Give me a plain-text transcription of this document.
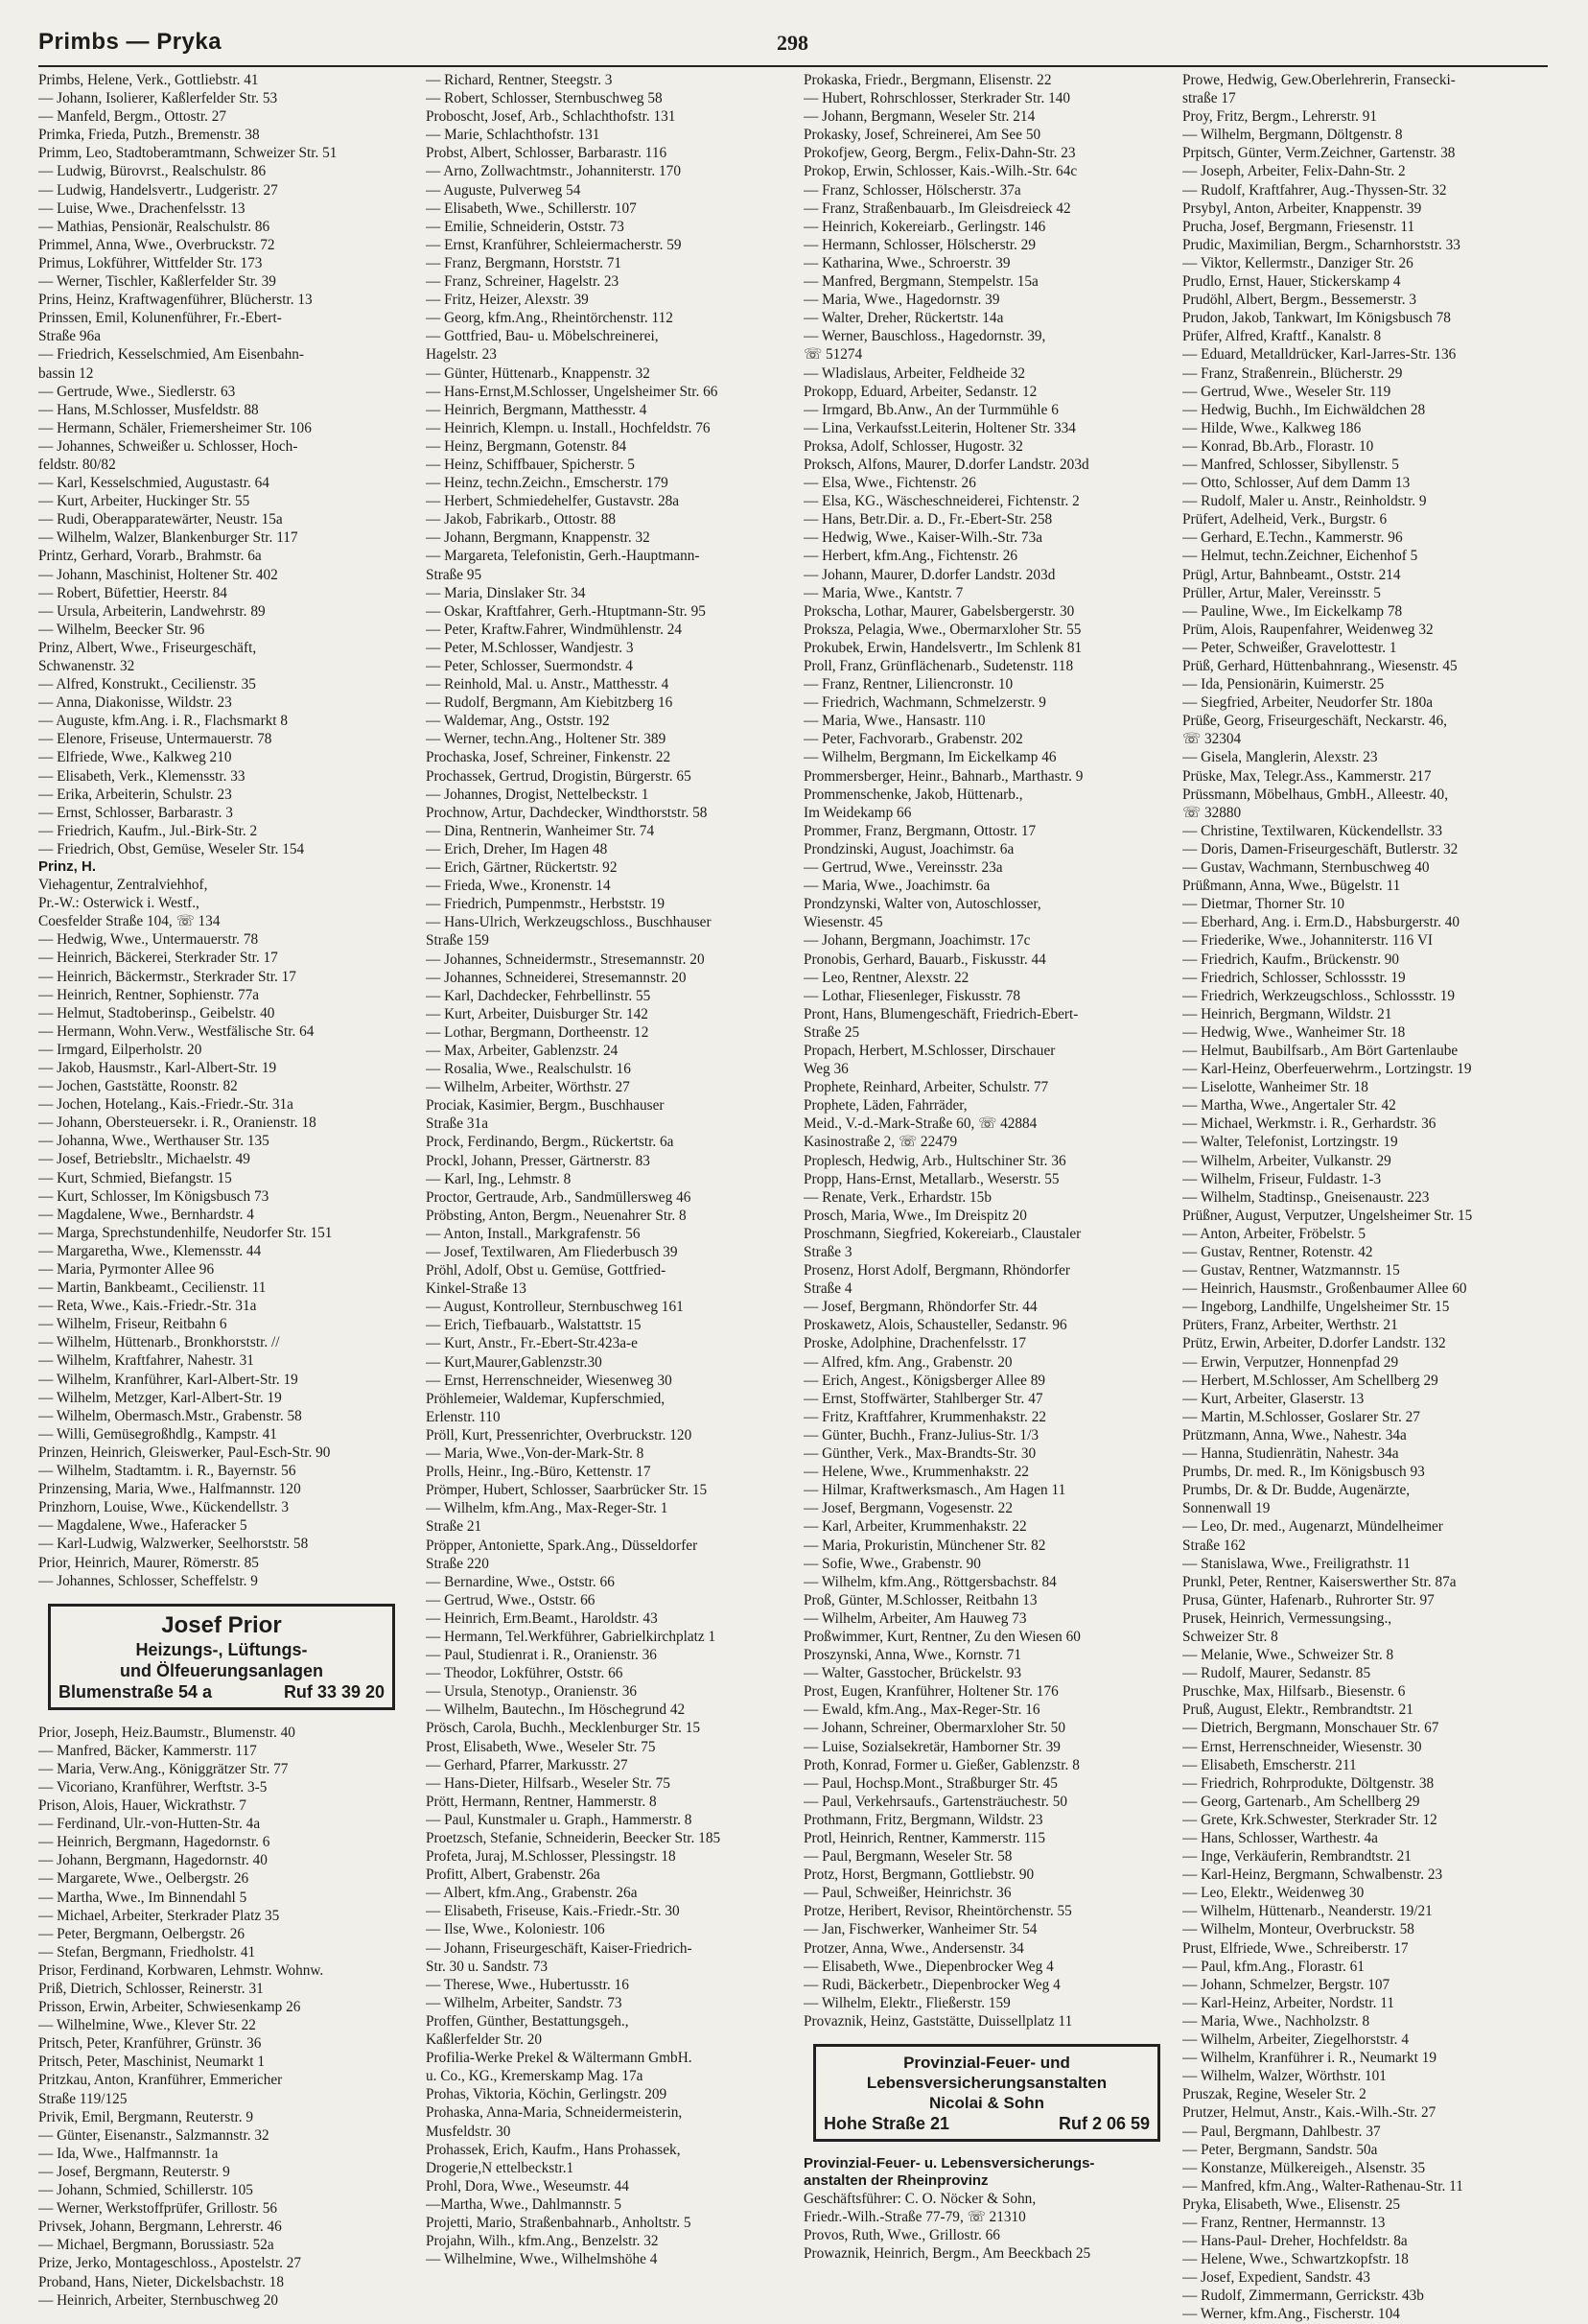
Primbs — Pryka	298
Primbs, Helene, Verk., Gottliebstr. 41
— Johann, Isolierer, Kaßlerfelder Str. 53
— Manfeld, Bergm., Ottostr. 27
Primka, Frieda, Putzh., Bremenstr. 38
Primm, Leo, Stadtoberamtmann, Schweizer Str. 51
— Ludwig, Bürovrst., Realschulstr. 86
— Ludwig, Handelsvertr., Ludgeristr. 27
— Luise, Wwe., Drachenfelsstr. 13
— Mathias, Pensionär, Realschulstr. 86
Primmel, Anna, Wwe., Overbruckstr. 72
Primus, Lokführer, Wittfelder Str. 173
— Werner, Tischler, Kaßlerfelder Str. 39
Prins, Heinz, Kraftwagenführer, Blücherstr. 13
Prinssen, Emil, Kolunenführer, Fr.-Ebert-
Straße 96a
— Friedrich, Kesselschmied, Am Eisenbahn-
bassin 12
— Gertrude, Wwe., Siedlerstr. 63
— Hans, M.Schlosser, Musfeldstr. 88
— Hermann, Schäler, Friemersheimer Str. 106
— Johannes, Schweißer u. Schlosser, Hoch-
feldstr. 80/82
— Karl, Kesselschmied, Augustastr. 64
— Kurt, Arbeiter, Huckinger Str. 55
— Rudi, Oberapparatewärter, Neustr. 15a
— Wilhelm, Walzer, Blankenburger Str. 117
Printz, Gerhard, Vorarb., Brahmstr. 6a
— Johann, Maschinist, Holtener Str. 402
— Robert, Büfettier, Heerstr. 84
— Ursula, Arbeiterin, Landwehrstr. 89
— Wilhelm, Beecker Str. 96
Prinz, Albert, Wwe., Friseurgeschäft,
Schwanenstr. 32
— Alfred, Konstrukt., Cecilienstr. 35
— Anna, Diakonisse, Wildstr. 23
— Auguste, kfm.Ang. i. R., Flachsmarkt 8
— Elenore, Friseuse, Untermauerstr. 78
— Elfriede, Wwe., Kalkweg 210
— Elisabeth, Verk., Klemensstr. 33
— Erika, Arbeiterin, Schulstr. 23
— Ernst, Schlosser, Barbarastr. 3
— Friedrich, Kaufm., Jul.-Birk-Str. 2
— Friedrich, Obst, Gemüse, Weseler Str. 154
Prinz, H.
Viehagentur, Zentralviehhof,
Pr.-W.: Osterwick i. Westf.,
Coesfelder Straße 104, ☏ 134
— Hedwig, Wwe., Untermauerstr. 78
— Heinrich, Bäckerei, Sterkrader Str. 17
— Heinrich, Bäckermstr., Sterkrader Str. 17
— Heinrich, Rentner, Sophienstr. 77a
— Helmut, Stadtoberinsp., Geibelstr. 40
— Hermann, Wohn.Verw., Westfälische Str. 64
— Irmgard, Eilperholstr. 20
— Jakob, Hausmstr., Karl-Albert-Str. 19
— Jochen, Gaststätte, Roonstr. 82
— Jochen, Hotelang., Kais.-Friedr.-Str. 31a
— Johann, Obersteuersekr. i. R., Oranienstr. 18
— Johanna, Wwe., Werthauser Str. 135
— Josef, Betriebsltr., Michaelstr. 49
— Kurt, Schmied, Biefangstr. 15
— Kurt, Schlosser, Im Königsbusch 73
— Magdalene, Wwe., Bernhardstr. 4
— Marga, Sprechstundenhilfe, Neudorfer Str. 151
— Margaretha, Wwe., Klemensstr. 44
— Maria, Pyrmonter Allee 96
— Martin, Bankbeamt., Cecilienstr. 11
— Reta, Wwe., Kais.-Friedr.-Str. 31a
— Wilhelm, Friseur, Reitbahn 6
— Wilhelm, Hüttenarb., Bronkhorststr. //
— Wilhelm, Kraftfahrer, Nahestr. 31
— Wilhelm, Kranführer, Karl-Albert-Str. 19
— Wilhelm, Metzger, Karl-Albert-Str. 19
— Wilhelm, Obermasch.Mstr., Grabenstr. 58
— Willi, Gemüsegroßhdlg., Kampstr. 41
Prinzen, Heinrich, Gleiswerker, Paul-Esch-Str. 90
— Wilhelm, Stadtamtm. i. R., Bayernstr. 56
Prinzensing, Maria, Wwe., Halfmannstr. 120
Prinzhorn, Louise, Wwe., Kückendellstr. 3
— Magdalene, Wwe., Haferacker 5
— Karl-Ludwig, Walzwerker, Seelhorststr. 58
Prior, Heinrich, Maurer, Römerstr. 85
— Johannes, Schlosser, Scheffelstr. 9
Josef Prior
Heizungs-, Lüftungs-
und Ölfeuerungsanlagen
Blumenstraße 54 a	Ruf 33 39 20
Prior, Joseph, Heiz.Baumstr., Blumenstr. 40
— Manfred, Bäcker, Kammerstr. 117
— Maria, Verw.Ang., Königgrätzer Str. 77
— Vicoriano, Kranführer, Werftstr. 3-5
Prison, Alois, Hauer, Wickrathstr. 7
— Ferdinand, Ulr.-von-Hutten-Str. 4a
— Heinrich, Bergmann, Hagedornstr. 6
— Johann, Bergmann, Hagedornstr. 40
— Margarete, Wwe., Oelbergstr. 26
— Martha, Wwe., Im Binnendahl 5
— Michael, Arbeiter, Sterkrader Platz 35
— Peter, Bergmann, Oelbergstr. 26
— Stefan, Bergmann, Friedholstr. 41
Prisor, Ferdinand, Korbwaren, Lehmstr. Wohnw.
Priß, Dietrich, Schlosser, Reinerstr. 31
Prisson, Erwin, Arbeiter, Schwiesenkamp 26
— Wilhelmine, Wwe., Klever Str. 22
Pritsch, Peter, Kranführer, Grünstr. 36
Pritsch, Peter, Maschinist, Neumarkt 1
Pritzkau, Anton, Kranführer, Emmericher
Straße 119/125
Privik, Emil, Bergmann, Reuterstr. 9
— Günter, Eisenanstr., Salzmannstr. 32
— Ida, Wwe., Halfmannstr. 1a
— Josef, Bergmann, Reuterstr. 9
— Johann, Schmied, Schillerstr. 105
— Werner, Werkstoffprüfer, Grillostr. 56
Privsek, Johann, Bergmann, Lehrerstr. 46
— Michael, Bergmann, Borussiastr. 52a
Prize, Jerko, Montageschloss., Apostelstr. 27
Proband, Hans, Nieter, Dickelsbachstr. 18
— Heinrich, Arbeiter, Sternbuschweg 20
— Richard, Rentner, Steegstr. 3
— Robert, Schlosser, Sternbuschweg 58
Proboscht, Josef, Arb., Schlachthofstr. 131
— Marie, Schlachthofstr. 131
Probst, Albert, Schlosser, Barbarastr. 116
— Arno, Zollwachtmstr., Johanniterstr. 170
— Auguste, Pulverweg 54
— Elisabeth, Wwe., Schillerstr. 107
— Emilie, Schneiderin, Oststr. 73
— Ernst, Kranführer, Schleiermacherstr. 59
— Franz, Bergmann, Horststr. 71
— Franz, Schreiner, Hagelstr. 23
— Fritz, Heizer, Alexstr. 39
— Georg, kfm.Ang., Rheintörchenstr. 112
— Gottfried, Bau- u. Möbelschreinerei,
Hagelstr. 23
— Günter, Hüttenarb., Knappenstr. 32
— Hans-Ernst,M.Schlosser, Ungelsheimer Str. 66
— Heinrich, Bergmann, Matthesstr. 4
— Heinrich, Klempn. u. Install., Hochfeldstr. 76
— Heinz, Bergmann, Gotenstr. 84
— Heinz, Schiffbauer, Spicherstr. 5
— Heinz, techn.Zeichn., Emscherstr. 179
— Herbert, Schmiedehelfer, Gustavstr. 28a
— Jakob, Fabrikarb., Ottostr. 88
— Johann, Bergmann, Knappenstr. 32
— Margareta, Telefonistin, Gerh.-Hauptmann-
Straße 95
— Maria, Dinslaker Str. 34
— Oskar, Kraftfahrer, Gerh.-Htuptmann-Str. 95
— Peter, Kraftw.Fahrer, Windmühlenstr. 24
— Peter, M.Schlosser, Wandjestr. 3
— Peter, Schlosser, Suermondstr. 4
— Reinhold, Mal. u. Anstr., Matthesstr. 4
— Rudolf, Bergmann, Am Kiebitzberg 16
— Waldemar, Ang., Oststr. 192
— Werner, techn.Ang., Holtener Str. 389
Prochaska, Josef, Schreiner, Finkenstr. 22
Prochassek, Gertrud, Drogistin, Bürgerstr. 65
— Johannes, Drogist, Nettelbeckstr. 1
Prochnow, Artur, Dachdecker, Windthorststr. 58
— Dina, Rentnerin, Wanheimer Str. 74
— Erich, Dreher, Im Hagen 48
— Erich, Gärtner, Rückertstr. 92
— Frieda, Wwe., Kronenstr. 14
— Friedrich, Pumpenmstr., Herbststr. 19
— Hans-Ulrich, Werkzeugschloss., Buschhauser
Straße 159
— Johannes, Schneidermstr., Stresemannstr. 20
— Johannes, Schneiderei, Stresemannstr. 20
— Karl, Dachdecker, Fehrbellinstr. 55
— Kurt, Arbeiter, Duisburger Str. 142
— Lothar, Bergmann, Dortheenstr. 12
— Max, Arbeiter, Gablenzstr. 24
— Rosalia, Wwe., Realschulstr. 16
— Wilhelm, Arbeiter, Wörthstr. 27
Prociak, Kasimier, Bergm., Buschhauser
Straße 31a
Prock, Ferdinando, Bergm., Rückertstr. 6a
Prockl, Johann, Presser, Gärtnerstr. 83
— Karl, Ing., Lehmstr. 8
Proctor, Gertraude, Arb., Sandmüllersweg 46
Pröbsting, Anton, Bergm., Neuenahrer Str. 8
— Anton, Install., Markgrafenstr. 56
— Josef, Textilwaren, Am Fliederbusch 39
Pröhl, Adolf, Obst u. Gemüse, Gottfried-
Kinkel-Straße 13
— August, Kontrolleur, Sternbuschweg 161
— Erich, Tiefbauarb., Walstattstr. 15
— Kurt, Anstr., Fr.-Ebert-Str.423a-e
— Kurt,Maurer,Gablenzstr.30
— Ernst, Herrenschneider, Wiesenweg 30
Pröhlemeier, Waldemar, Kupferschmied,
Erlenstr. 110
Pröll, Kurt, Pressenrichter, Overbruckstr. 120
— Maria, Wwe.,Von-der-Mark-Str. 8
Prolls, Heinr., Ing.-Büro, Kettenstr. 17
Prömper, Hubert, Schlosser, Saarbrücker Str. 15
— Wilhelm, kfm.Ang., Max-Reger-Str. 1
Straße 21
Pröpper, Antoniette, Spark.Ang., Düsseldorfer
Straße 220
— Bernardine, Wwe., Oststr. 66
— Gertrud, Wwe., Oststr. 66
— Heinrich, Erm.Beamt., Haroldstr. 43
— Hermann, Tel.Werkführer, Gabrielkirchplatz 1
— Paul, Studienrat i. R., Oranienstr. 36
— Theodor, Lokführer, Oststr. 66
— Ursula, Stenotyp., Oranienstr. 36
— Wilhelm, Bautechn., Im Höschegrund 42
Prösch, Carola, Buchh., Mecklenburger Str. 15
Prost, Elisabeth, Wwe., Weseler Str. 75
— Gerhard, Pfarrer, Markusstr. 27
— Hans-Dieter, Hilfsarb., Weseler Str. 75
Prött, Hermann, Rentner, Hammerstr. 8
— Paul, Kunstmaler u. Graph., Hammerstr. 8
Proetzsch, Stefanie, Schneiderin, Beecker Str. 185
Profeta, Juraj, M.Schlosser, Plessingstr. 18
Profitt, Albert, Grabenstr. 26a
— Albert, kfm.Ang., Grabenstr. 26a
— Elisabeth, Friseuse, Kais.-Friedr.-Str. 30
— Ilse, Wwe., Koloniestr. 106
— Johann, Friseurgeschäft, Kaiser-Friedrich-
Str. 30 u. Sandstr. 73
— Therese, Wwe., Hubertusstr. 16
— Wilhelm, Arbeiter, Sandstr. 73
Proffen, Günther, Bestattungsgeh.,
Kaßlerfelder Str. 20
Profilia-Werke Prekel & Wältermann GmbH.
u. Co., KG., Kremerskamp Mag. 17a
Prohas, Viktoria, Köchin, Gerlingstr. 209
Prohaska, Anna-Maria, Schneidermeisterin,
Musfeldstr. 30
Prohassek, Erich, Kaufm., Hans Prohassek,
Drogerie,N ettelbeckstr.1
Prohl, Dora, Wwe., Weseumstr. 44
—Martha, Wwe., Dahlmannstr. 5
Projetti, Mario, Straßenbahnarb., Anholtstr. 5
Projahn, Wilh., kfm.Ang., Benzelstr. 32
— Wilhelmine, Wwe., Wilhelmshöhe 4
Prokaska, Friedr., Bergmann, Elisenstr. 22
— Hubert, Rohrschlosser, Sterkrader Str. 140
— Johann, Bergmann, Weseler Str. 214
Prokasky, Josef, Schreinerei, Am See 50
Prokofjew, Georg, Bergm., Felix-Dahn-Str. 23
Prokop, Erwin, Schlosser, Kais.-Wilh.-Str. 64c
— Franz, Schlosser, Hölscherstr. 37a
— Franz, Straßenbauarb., Im Gleisdreieck 42
— Heinrich, Kokereiarb., Gerlingstr. 146
— Hermann, Schlosser, Hölscherstr. 29
— Katharina, Wwe., Schroerstr. 39
— Manfred, Bergmann, Stempelstr. 15a
— Maria, Wwe., Hagedornstr. 39
— Walter, Dreher, Rückertstr. 14a
— Werner, Bauschloss., Hagedornstr. 39,
☏ 51274
— Wladislaus, Arbeiter, Feldheide 32
Prokopp, Eduard, Arbeiter, Sedanstr. 12
— Irmgard, Bb.Anw., An der Turmmühle 6
— Lina, Verkaufsst.Leiterin, Holtener Str. 334
Proksa, Adolf, Schlosser, Hugostr. 32
Proksch, Alfons, Maurer, D.dorfer Landstr. 203d
— Elsa, Wwe., Fichtenstr. 26
— Elsa, KG., Wäscheschneiderei, Fichtenstr. 2
— Hans, Betr.Dir. a. D., Fr.-Ebert-Str. 258
— Hedwig, Wwe., Kaiser-Wilh.-Str. 73a
— Herbert, kfm.Ang., Fichtenstr. 26
— Johann, Maurer, D.dorfer Landstr. 203d
— Maria, Wwe., Kantstr. 7
Prokscha, Lothar, Maurer, Gabelsbergerstr. 30
Proksza, Pelagia, Wwe., Obermarxloher Str. 55
Prokubek, Erwin, Handelsvertr., Im Schlenk 81
Proll, Franz, Grünflächenarb., Sudetenstr. 118
— Franz, Rentner, Liliencronstr. 10
— Friedrich, Wachmann, Schmelzerstr. 9
— Maria, Wwe., Hansastr. 110
— Peter, Fachvorarb., Grabenstr. 202
— Wilhelm, Bergmann, Im Eickelkamp 46
Prommersberger, Heinr., Bahnarb., Marthastr. 9
Prommenschenke, Jakob, Hüttenarb.,
Im Weidekamp 66
Prommer, Franz, Bergmann, Ottostr. 17
Prondzinski, August, Joachimstr. 6a
— Gertrud, Wwe., Vereinsstr. 23a
— Maria, Wwe., Joachimstr. 6a
Prondzynski, Walter von, Autoschlosser,
Wiesenstr. 45
— Johann, Bergmann, Joachimstr. 17c
Pronobis, Gerhard, Bauarb., Fiskusstr. 44
— Leo, Rentner, Alexstr. 22
— Lothar, Fliesenleger, Fiskusstr. 78
Pront, Hans, Blumengeschäft, Friedrich-Ebert-
Straße 25
Propach, Herbert, M.Schlosser, Dirschauer
Weg 36
Prophete, Reinhard, Arbeiter, Schulstr. 77
Prophete, Läden, Fahrräder,
Meid., V.-d.-Mark-Straße 60, ☏ 42884
Kasinostraße 2, ☏ 22479
Proplesch, Hedwig, Arb., Hultschiner Str. 36
Propp, Hans-Ernst, Metallarb., Weserstr. 55
— Renate, Verk., Erhardstr. 15b
Prosch, Maria, Wwe., Im Dreispitz 20
Proschmann, Siegfried, Kokereiarb., Claustaler
Straße 3
Prosenz, Horst Adolf, Bergmann, Rhöndorfer
Straße 4
— Josef, Bergmann, Rhöndorfer Str. 44
Proskawetz, Alois, Schausteller, Sedanstr. 96
Proske, Adolphine, Drachenfelsstr. 17
— Alfred, kfm. Ang., Grabenstr. 20
— Erich, Angest., Königsberger Allee 89
— Ernst, Stoffwärter, Stahlberger Str. 47
— Fritz, Kraftfahrer, Krummenhakstr. 22
— Günter, Buchh., Franz-Julius-Str. 1/3
— Günther, Verk., Max-Brandts-Str. 30
— Helene, Wwe., Krummenhakstr. 22
— Hilmar, Kraftwerksmasch., Am Hagen 11
— Josef, Bergmann, Vogesenstr. 22
— Karl, Arbeiter, Krummenhakstr. 22
— Maria, Prokuristin, Münchener Str. 82
— Sofie, Wwe., Grabenstr. 90
— Wilhelm, kfm.Ang., Röttgersbachstr. 84
Proß, Günter, M.Schlosser, Reitbahn 13
— Wilhelm, Arbeiter, Am Hauweg 73
Proßwimmer, Kurt, Rentner, Zu den Wiesen 60
Proszynski, Anna, Wwe., Kornstr. 71
— Walter, Gasstocher, Brückelstr. 93
Prost, Eugen, Kranführer, Holtener Str. 176
— Ewald, kfm.Ang., Max-Reger-Str. 16
— Johann, Schreiner, Obermarxloher Str. 50
— Luise, Sozialsekretär, Hamborner Str. 39
Proth, Konrad, Former u. Gießer, Gablenzstr. 8
— Paul, Hochsp.Mont., Straßburger Str. 45
— Paul, Verkehrsaufs., Gartensträuchestr. 50
Prothmann, Fritz, Bergmann, Wildstr. 23
Protl, Heinrich, Rentner, Kammerstr. 115
— Paul, Bergmann, Weseler Str. 58
Protz, Horst, Bergmann, Gottliebstr. 90
— Paul, Schweißer, Heinrichstr. 36
Protze, Heribert, Revisor, Rheintörchenstr. 55
— Jan, Fischwerker, Wanheimer Str. 54
Protzer, Anna, Wwe., Andersenstr. 34
— Elisabeth, Wwe., Diepenbrocker Weg 4
— Rudi, Bäckerbetr., Diepenbrocker Weg 4
— Wilhelm, Elektr., Fließerstr. 159
Provaznik, Heinz, Gaststätte, Duissellplatz 11
Provinzial-Feuer- und
Lebensversicherungsanstalten
Nicolai & Sohn
Hohe Straße 21	Ruf 2 06 59
Provinzial-Feuer- u. Lebensversicherungs-
anstalten der Rheinprovinz
Geschäftsführer: C. O. Nöcker & Sohn,
Friedr.-Wilh.-Straße 77-79, ☏ 21310
Provos, Ruth, Wwe., Grillostr. 66
Prowaznik, Heinrich, Bergm., Am Beeckbach 25
Prowe, Hedwig, Gew.Oberlehrerin, Fransecki-
straße 17
Proy, Fritz, Bergm., Lehrerstr. 91
— Wilhelm, Bergmann, Döltgenstr. 8
Prpitsch, Günter, Verm.Zeichner, Gartenstr. 38
— Joseph, Arbeiter, Felix-Dahn-Str. 2
— Rudolf, Kraftfahrer, Aug.-Thyssen-Str. 32
Prsybyl, Anton, Arbeiter, Knappenstr. 39
Prucha, Josef, Bergmann, Friesenstr. 11
Prudic, Maximilian, Bergm., Scharnhorststr. 33
— Viktor, Kellermstr., Danziger Str. 26
Prudlo, Ernst, Hauer, Stickerskamp 4
Prudöhl, Albert, Bergm., Bessemerstr. 3
Prudon, Jakob, Tankwart, Im Königsbusch 78
Prüfer, Alfred, Kraftf., Kanalstr. 8
— Eduard, Metalldrücker, Karl-Jarres-Str. 136
— Franz, Straßenrein., Blücherstr. 29
— Gertrud, Wwe., Weseler Str. 119
— Hedwig, Buchh., Im Eichwäldchen 28
— Hilde, Wwe., Kalkweg 186
— Konrad, Bb.Arb., Florastr. 10
— Manfred, Schlosser, Sibyllenstr. 5
— Otto, Schlosser, Auf dem Damm 13
— Rudolf, Maler u. Anstr., Reinholdstr. 9
Prüfert, Adelheid, Verk., Burgstr. 6
— Gerhard, E.Techn., Kammerstr. 96
— Helmut, techn.Zeichner, Eichenhof 5
Prügl, Artur, Bahnbeamt., Oststr. 214
Prüller, Artur, Maler, Vereinsstr. 5
— Pauline, Wwe., Im Eickelkamp 78
Prüm, Alois, Raupenfahrer, Weidenweg 32
— Peter, Schweißer, Gravelottestr. 1
Prüß, Gerhard, Hüttenbahnrang., Wiesenstr. 45
— Ida, Pensionärin, Kuimerstr. 25
— Siegfried, Arbeiter, Neudorfer Str. 180a
Prüße, Georg, Friseurgeschäft, Neckarstr. 46,
☏ 32304
— Gisela, Manglerin, Alexstr. 23
Prüske, Max, Telegr.Ass., Kammerstr. 217
Prüssmann, Möbelhaus, GmbH., Alleestr. 40,
☏ 32880
— Christine, Textilwaren, Kückendellstr. 33
— Doris, Damen-Friseurgeschäft, Butlerstr. 32
— Gustav, Wachmann, Sternbuschweg 40
Prüßmann, Anna, Wwe., Bügelstr. 11
— Dietmar, Thorner Str. 10
— Eberhard, Ang. i. Erm.D., Habsburgerstr. 40
— Friederike, Wwe., Johanniterstr. 116 VI
— Friedrich, Kaufm., Brückenstr. 90
— Friedrich, Schlosser, Schlossstr. 19
— Friedrich, Werkzeugschloss., Schlossstr. 19
— Heinrich, Bergmann, Wildstr. 21
— Hedwig, Wwe., Wanheimer Str. 18
— Helmut, Baubilfsarb., Am Bört Gartenlaube
— Karl-Heinz, Oberfeuerwehrm., Lortzingstr. 19
— Liselotte, Wanheimer Str. 18
— Martha, Wwe., Angertaler Str. 42
— Michael, Werkmstr. i. R., Gerhardstr. 36
— Walter, Telefonist, Lortzingstr. 19
— Wilhelm, Arbeiter, Vulkanstr. 29
— Wilhelm, Friseur, Fuldastr. 1-3
— Wilhelm, Stadtinsp., Gneisenaustr. 223
Prüßner, August, Verputzer, Ungelsheimer Str. 15
— Anton, Arbeiter, Fröbelstr. 5
— Gustav, Rentner, Rotenstr. 42
— Gustav, Rentner, Watzmannstr. 15
— Heinrich, Hausmstr., Großenbaumer Allee 60
— Ingeborg, Landhilfe, Ungelsheimer Str. 15
Prüters, Franz, Arbeiter, Werthstr. 21
Prütz, Erwin, Arbeiter, D.dorfer Landstr. 132
— Erwin, Verputzer, Honnenpfad 29
— Herbert, M.Schlosser, Am Schellberg 29
— Kurt, Arbeiter, Glaserstr. 13
— Martin, M.Schlosser, Goslarer Str. 27
Prützmann, Anna, Wwe., Nahestr. 34a
— Hanna, Studienrätin, Nahestr. 34a
Prumbs, Dr. med. R., Im Königsbusch 93
Prumbs, Dr. & Dr. Budde, Augenärzte,
Sonnenwall 19
— Leo, Dr. med., Augenarzt, Mündelheimer
Straße 162
— Stanislawa, Wwe., Freiligrathstr. 11
Prunkl, Peter, Rentner, Kaiserswerther Str. 87a
Prusa, Günter, Hafenarb., Ruhrorter Str. 97
Prusek, Heinrich, Vermessungsing.,
Schweizer Str. 8
— Melanie, Wwe., Schweizer Str. 8
— Rudolf, Maurer, Sedanstr. 85
Pruschke, Max, Hilfsarb., Biesenstr. 6
Pruß, August, Elektr., Rembrandtstr. 21
— Dietrich, Bergmann, Monschauer Str. 67
— Ernst, Herrenschneider, Wiesenstr. 30
— Elisabeth, Emscherstr. 211
— Friedrich, Rohrprodukte, Döltgenstr. 38
— Georg, Gartenarb., Am Schellberg 29
— Grete, Krk.Schwester, Sterkrader Str. 12
— Hans, Schlosser, Warthestr. 4a
— Inge, Verkäuferin, Rembrandtstr. 21
— Karl-Heinz, Bergmann, Schwalbenstr. 23
— Leo, Elektr., Weidenweg 30
— Wilhelm, Hüttenarb., Neanderstr. 19/21
— Wilhelm, Monteur, Overbruckstr. 58
Prust, Elfriede, Wwe., Schreiberstr. 17
— Paul, kfm.Ang., Florastr. 61
— Johann, Schmelzer, Bergstr. 107
— Karl-Heinz, Arbeiter, Nordstr. 11
— Maria, Wwe., Nachholzstr. 8
— Wilhelm, Arbeiter, Ziegelhorststr. 4
— Wilhelm, Kranführer i. R., Neumarkt 19
— Wilhelm, Walzer, Wörthstr. 101
Pruszak, Regine, Weseler Str. 2
Prutzer, Helmut, Anstr., Kais.-Wilh.-Str. 27
— Paul, Bergmann, Dahlbestr. 37
— Peter, Bergmann, Sandstr. 50a
— Konstanze, Mülkereigeh., Alsenstr. 35
— Manfred, kfm.Ang., Walter-Rathenau-Str. 11
Pryka, Elisabeth, Wwe., Elisenstr. 25
— Franz, Rentner, Hermannstr. 13
— Hans-Paul- Dreher, Hochfeldstr. 8a
— Helene, Wwe., Schwartzkopfstr. 18
— Josef, Expedient, Sandstr. 43
— Rudolf, Zimmermann, Gerrickstr. 43b
— Werner, kfm.Ang., Fischerstr. 104
